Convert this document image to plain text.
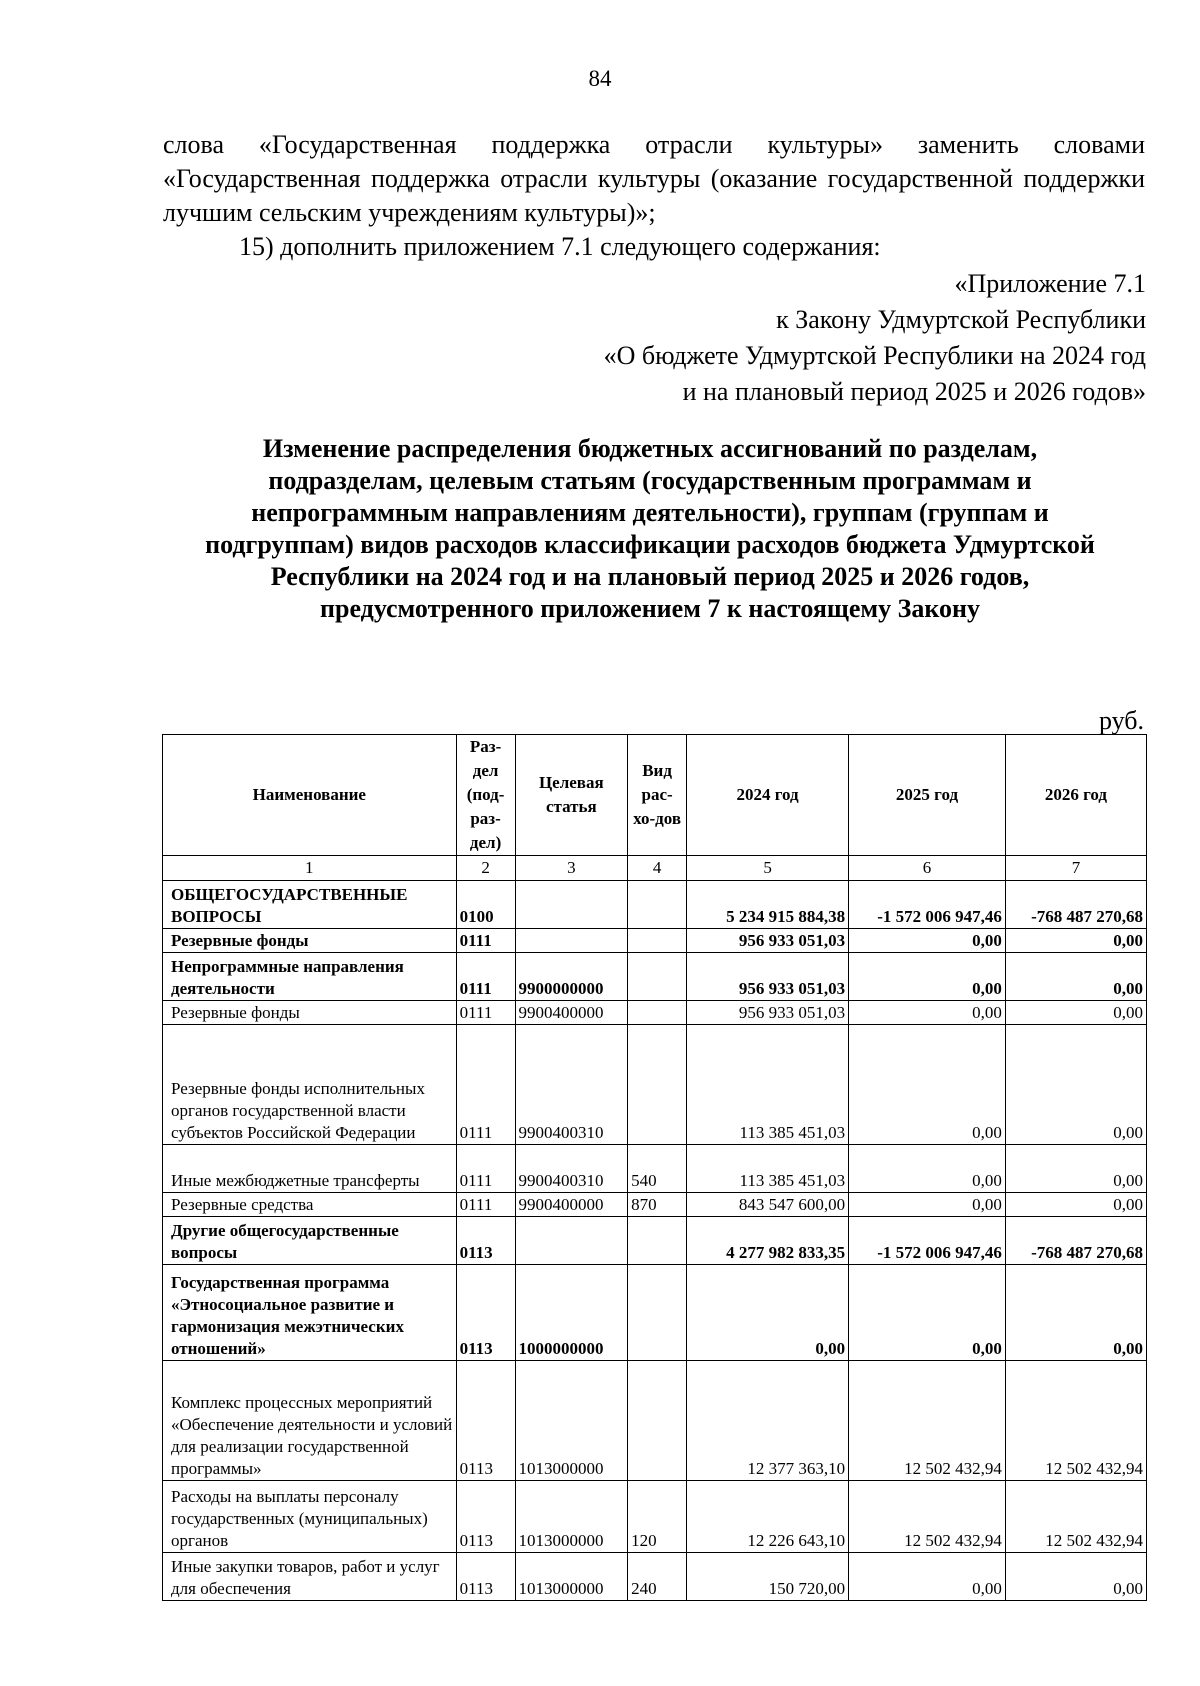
84
слова «Государственная поддержка отрасли культуры» заменить словами «Государственная поддержка отрасли культуры (оказание государственной поддержки лучшим сельским учреждениям культуры)»;
15) дополнить приложением 7.1 следующего содержания:
«Приложение 7.1
к Закону Удмуртской Республики
«О бюджете Удмуртской Республики на 2024 год
и на плановый период 2025 и 2026 годов»
Изменение распределения бюджетных ассигнований по разделам, подразделам, целевым статьям (государственным программам и непрограммным направлениям деятельности), группам (группам и подгруппам) видов расходов классификации расходов бюджета Удмуртской Республики на 2024 год и на плановый период 2025 и 2026 годов, предусмотренного приложением 7 к настоящему Закону
руб.
Наименование	Раз-дел (под-раз-дел)	Целевая статья	Вид рас-хо-дов	2024 год	2025 год	2026 год
1	2	3	4	5	6	7
ОБЩЕГОСУДАРСТВЕННЫЕ ВОПРОСЫ	0100			5 234 915 884,38	-1 572 006 947,46	-768 487 270,68
Резервные фонды	0111			956 933 051,03	0,00	0,00
Непрограммные направления деятельности	0111	9900000000		956 933 051,03	0,00	0,00
Резервные фонды	0111	9900400000		956 933 051,03	0,00	0,00
Резервные фонды исполнительных органов государственной власти субъектов Российской Федерации	0111	9900400310		113 385 451,03	0,00	0,00
Иные межбюджетные трансферты	0111	9900400310	540	113 385 451,03	0,00	0,00
Резервные средства	0111	9900400000	870	843 547 600,00	0,00	0,00
Другие общегосударственные вопросы	0113			4 277 982 833,35	-1 572 006 947,46	-768 487 270,68
Государственная программа «Этносоциальное развитие и гармонизация межэтнических отношений»	0113	1000000000		0,00	0,00	0,00
Комплекс процессных мероприятий «Обеспечение деятельности и условий для реализации государственной программы»	0113	1013000000		12 377 363,10	12 502 432,94	12 502 432,94
Расходы на выплаты персоналу государственных (муниципальных) органов	0113	1013000000	120	12 226 643,10	12 502 432,94	12 502 432,94
Иные закупки товаров, работ и услуг для обеспечения	0113	1013000000	240	150 720,00	0,00	0,00
